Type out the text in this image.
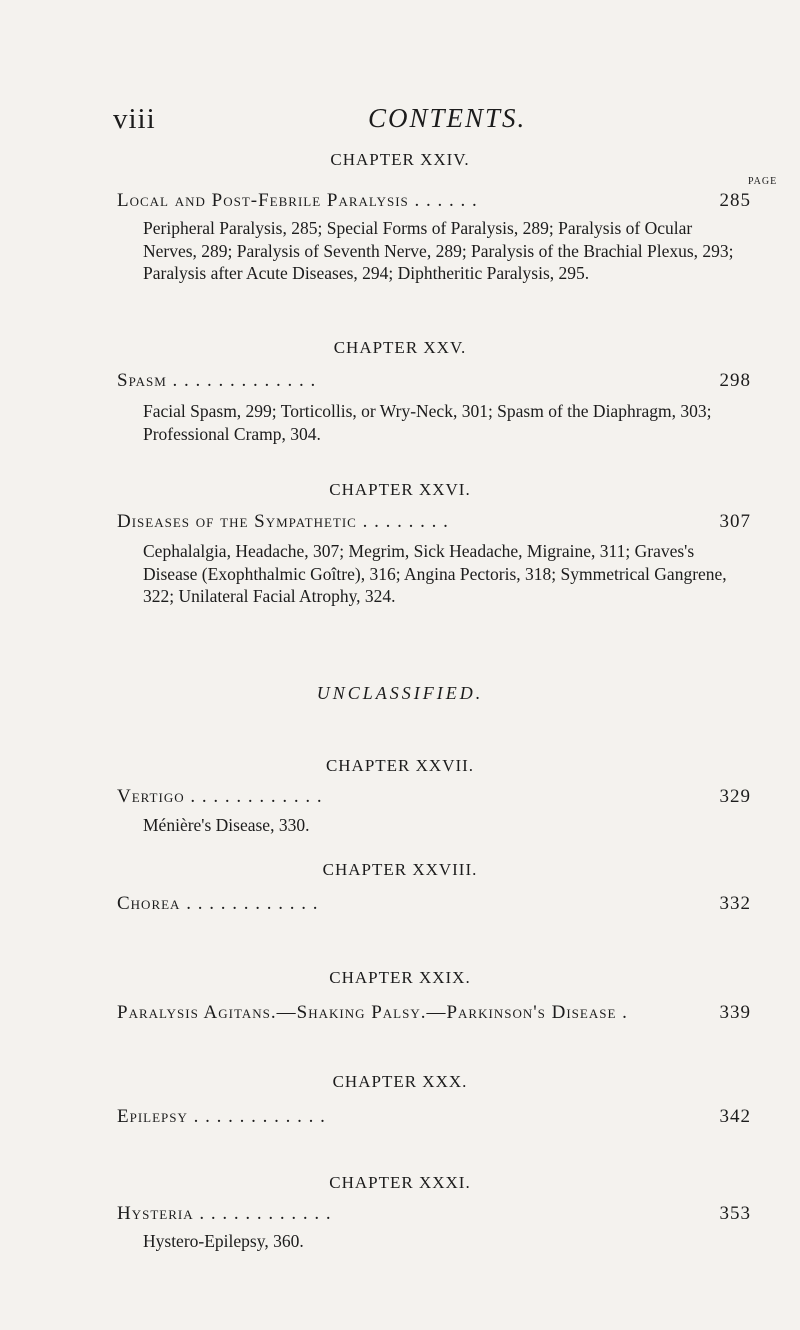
viii	CONTENTS.
CHAPTER XXIV.
PAGE
Local and Post-Febrile Paralysis . . . . . .	285
Peripheral Paralysis, 285; Special Forms of Paralysis, 289; Paralysis of Ocular Nerves, 289; Paralysis of Seventh Nerve, 289; Paralysis of the Brachial Plexus, 293; Paralysis after Acute Diseases, 294; Diphtheritic Paralysis, 295.
CHAPTER XXV.
Spasm . . . . . . . . . . . . .	298
Facial Spasm, 299; Torticollis, or Wry-Neck, 301; Spasm of the Diaphragm, 303; Professional Cramp, 304.
CHAPTER XXVI.
Diseases of the Sympathetic . . . . . . . .	307
Cephalalgia, Headache, 307; Megrim, Sick Headache, Migraine, 311; Graves's Disease (Exophthalmic Goître), 316; Angina Pectoris, 318; Symmetrical Gangrene, 322; Unilateral Facial Atrophy, 324.
UNCLASSIFIED.
CHAPTER XXVII.
Vertigo . . . . . . . . . . . .	329
Ménière's Disease, 330.
CHAPTER XXVIII.
Chorea . . . . . . . . . . . .	332
CHAPTER XXIX.
Paralysis Agitans.—Shaking Palsy.—Parkinson's Disease .	339
CHAPTER XXX.
Epilepsy . . . . . . . . . . . .	342
CHAPTER XXXI.
Hysteria . . . . . . . . . . . .	353
Hystero-Epilepsy, 360.
